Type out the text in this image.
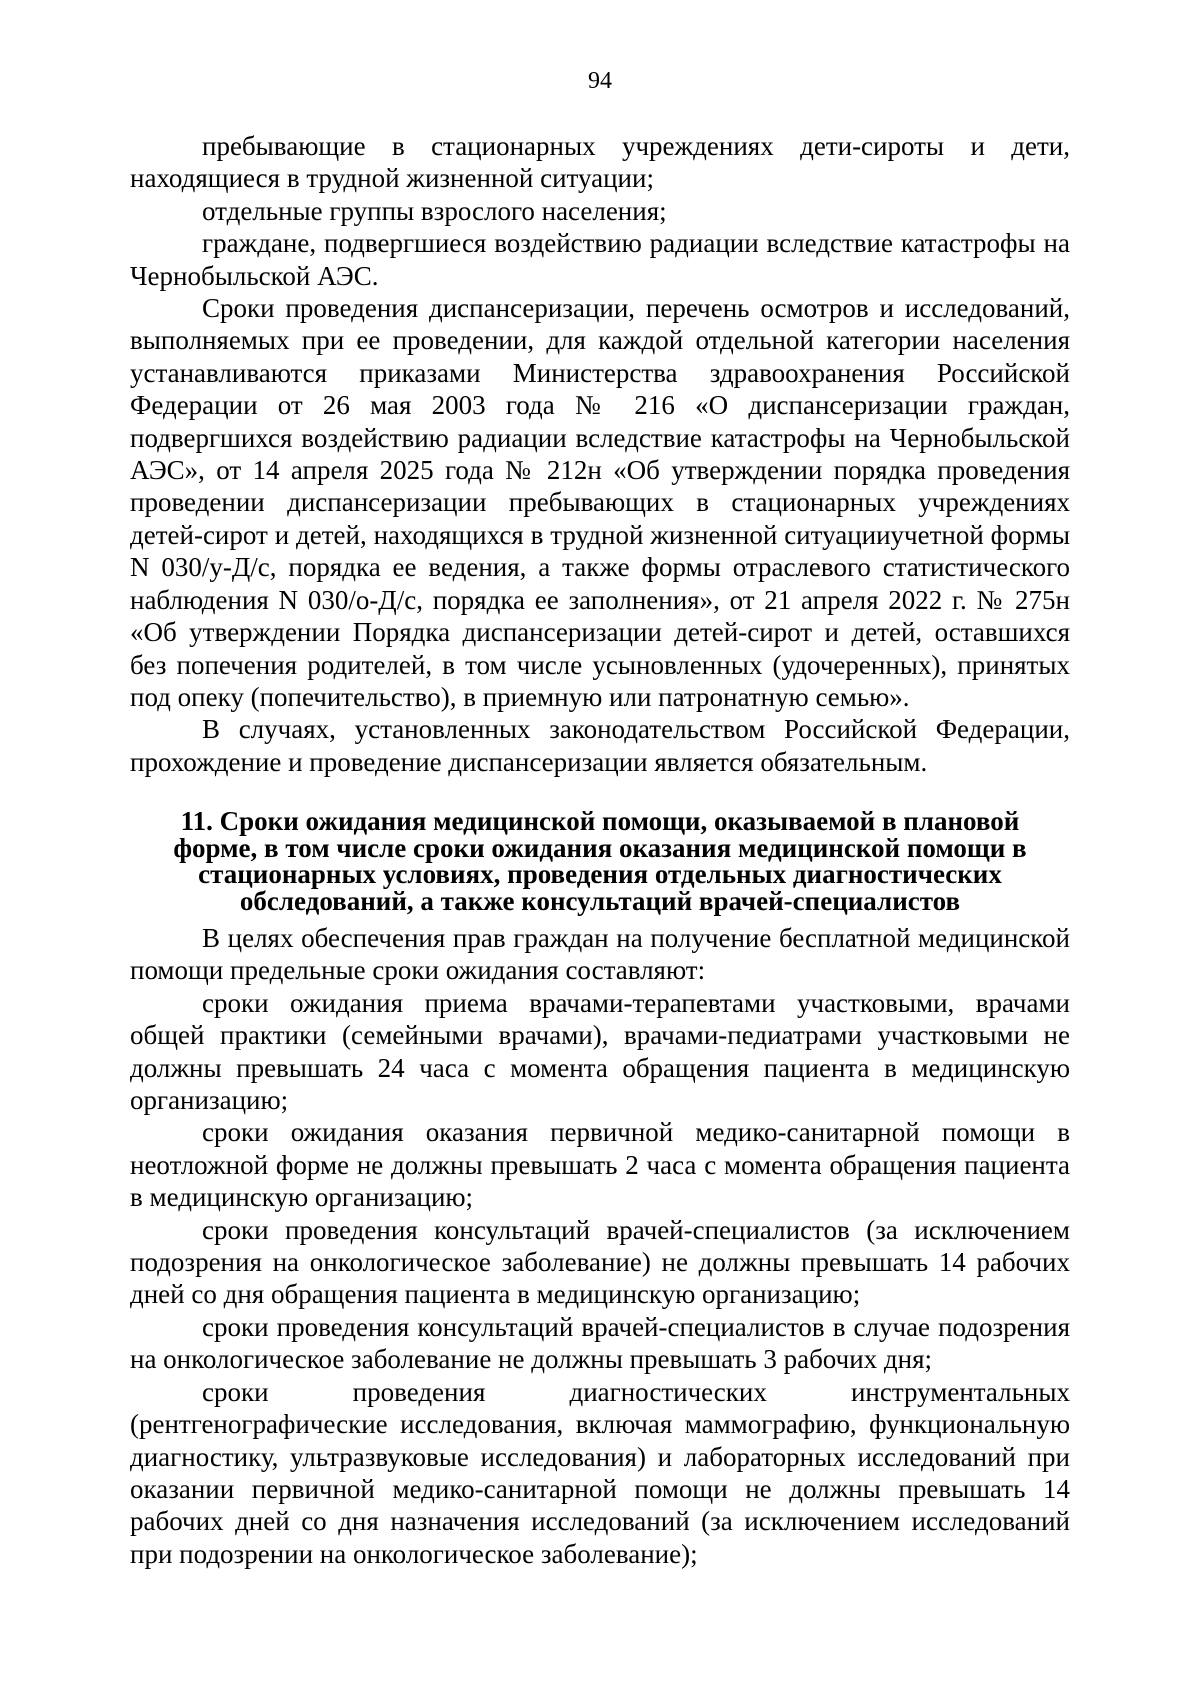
94

пребывающие в стационарных учреждениях дети-сироты и дети, находящиеся в трудной жизненной ситуации;

отдельные группы взрослого населения;

граждане, подвергшиеся воздействию радиации вследствие катастрофы на Чернобыльской АЭС.

Сроки проведения диспансеризации, перечень осмотров и исследований, выполняемых при ее проведении, для каждой отдельной категории населения устанавливаются приказами Министерства здравоохранения Российской Федерации от 26 мая 2003 года № 216 «О диспансеризации граждан, подвергшихся воздействию радиации вследствие катастрофы на Чернобыльской АЭС», от 14 апреля 2025 года № 212н «Об утверждении порядка проведения проведении диспансеризации пребывающих в стационарных учреждениях детей-сирот и детей, находящихся в трудной жизненной ситуацииучетной формы N 030/у-Д/с, порядка ее ведения, а также формы отраслевого статистического наблюдения N 030/о-Д/с, порядка ее заполнения», от 21 апреля 2022 г. № 275н «Об утверждении Порядка диспансеризации детей-сирот и детей, оставшихся без попечения родителей, в том числе усыновленных (удочеренных), принятых под опеку (попечительство), в приемную или патронатную семью».

В случаях, установленных законодательством Российской Федерации, прохождение и проведение диспансеризации является обязательным.

11. Сроки ожидания медицинской помощи, оказываемой в плановой
форме, в том числе сроки ожидания оказания медицинской помощи в
стационарных условиях, проведения отдельных диагностических
обследований, а также консультаций врачей-специалистов

В целях обеспечения прав граждан на получение бесплатной медицинской помощи предельные сроки ожидания составляют:

сроки ожидания приема врачами-терапевтами участковыми, врачами общей практики (семейными врачами), врачами-педиатрами участковыми не должны превышать 24 часа с момента обращения пациента в медицинскую организацию;

сроки ожидания оказания первичной медико-санитарной помощи в неотложной форме не должны превышать 2 часа с момента обращения пациента в медицинскую организацию;

сроки проведения консультаций врачей-специалистов (за исключением подозрения на онкологическое заболевание) не должны превышать 14 рабочих дней со дня обращения пациента в медицинскую организацию;

сроки проведения консультаций врачей-специалистов в случае подозрения на онкологическое заболевание не должны превышать 3 рабочих дня;

сроки проведения диагностических инструментальных (рентгенографические исследования, включая маммографию, функциональную диагностику, ультразвуковые исследования) и лабораторных исследований при оказании первичной медико-санитарной помощи не должны превышать 14 рабочих дней со дня назначения исследований (за исключением исследований при подозрении на онкологическое заболевание);
